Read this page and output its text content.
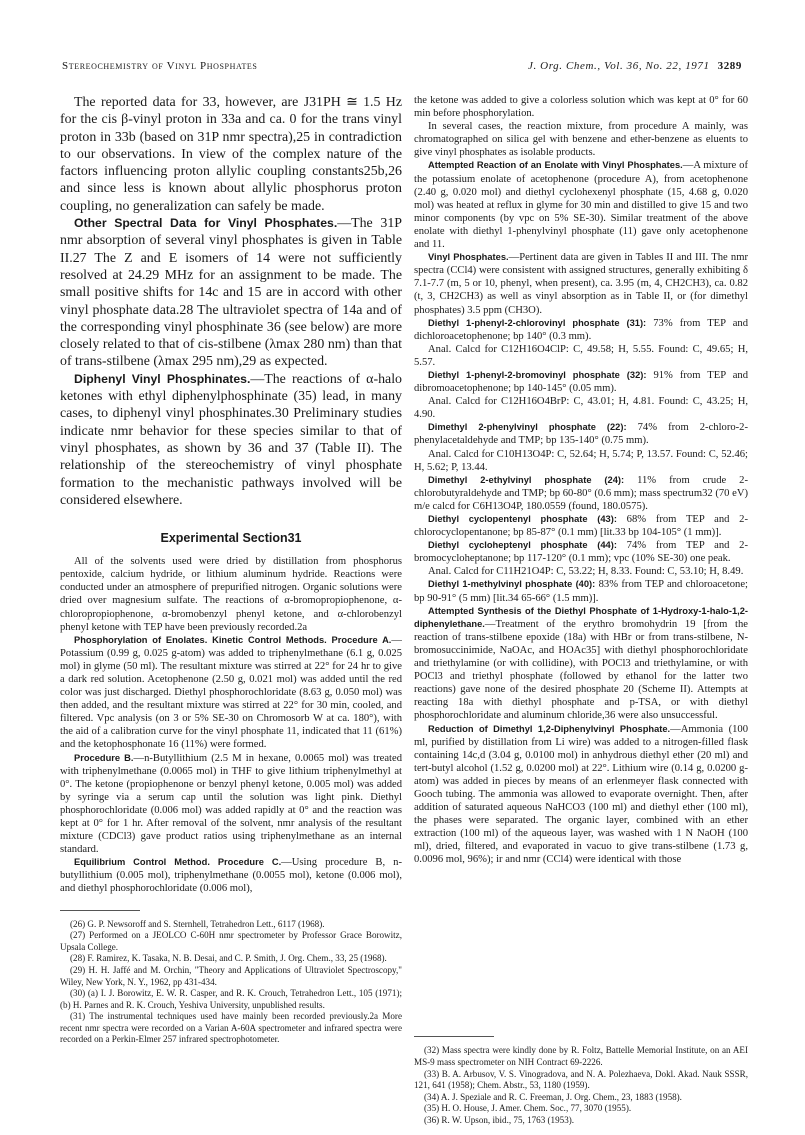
Stereochemistry of Vinyl Phosphates	J. Org. Chem., Vol. 36, No. 22, 1971 3289

The reported data for 33, however, are J31PH ≅ 1.5 Hz for the cis β-vinyl proton in 33a and ca. 0 for the trans vinyl proton in 33b (based on 31P nmr spectra),25 in contradiction to our observations. In view of the complex nature of the factors influencing proton allylic coupling constants25b,26 and since less is known about allylic phosphorus proton coupling, no generalization can safely be made.

Other Spectral Data for Vinyl Phosphates.—The 31P nmr absorption of several vinyl phosphates is given in Table II.27 The Z and E isomers of 14 were not sufficiently resolved at 24.29 MHz for an assignment to be made. The small positive shifts for 14c and 15 are in accord with other vinyl phosphate data.28 The ultraviolet spectra of 14a and of the corresponding vinyl phosphinate 36 (see below) are more closely related to that of cis-stilbene (λmax 280 nm) than that of trans-stilbene (λmax 295 nm),29 as expected.

Diphenyl Vinyl Phosphinates.—The reactions of α-halo ketones with ethyl diphenylphosphinate (35) lead, in many cases, to diphenyl vinyl phosphinates.30 Preliminary studies indicate nmr behavior for these species similar to that of vinyl phosphates, as shown by 36 and 37 (Table II). The relationship of the stereochemistry of vinyl phosphate formation to the mechanistic pathways involved will be considered elsewhere.

Experimental Section31

All of the solvents used were dried by distillation from phosphorus pentoxide, calcium hydride, or lithium aluminum hydride. Reactions were conducted under an atmosphere of prepurified nitrogen. Organic solutions were dried over magnesium sulfate. The reactions of α-bromopropiophenone, α-chloropropiophenone, α-bromobenzyl phenyl ketone, and α-chlorobenzyl phenyl ketone with TEP have been previously recorded.2a

Phosphorylation of Enolates. Kinetic Control Methods. Procedure A.—Potassium (0.99 g, 0.025 g-atom) was added to triphenylmethane (6.1 g, 0.025 mol) in glyme (50 ml). The resultant mixture was stirred at 22° for 24 hr to give a dark red solution. Acetophenone (2.50 g, 0.021 mol) was added until the red color was just discharged. Diethyl phosphorochloridate (8.63 g, 0.050 mol) was then added, and the resultant mixture was stirred at 22° for 30 min, cooled, and filtered. Vpc analysis (on 3 or 5% SE-30 on Chromosorb W at ca. 180°), with the aid of a calibration curve for the vinyl phosphate 11, indicated that 11 (61%) and the ketophosphonate 16 (11%) were formed.

Procedure B.—n-Butyllithium (2.5 M in hexane, 0.0065 mol) was treated with triphenylmethane (0.0065 mol) in THF to give lithium triphenylmethyl at 0°. The ketone (propiophenone or benzyl phenyl ketone, 0.005 mol) was added by syringe via a serum cap until the solution was light pink. Diethyl phosphorochloridate (0.006 mol) was added rapidly at 0° and the reaction was kept at 0° for 1 hr. After removal of the solvent, nmr analysis of the resultant mixture (CDCl3) gave product ratios using triphenylmethane as an internal standard.

Equilibrium Control Method. Procedure C.—Using procedure B, n-butyllithium (0.005 mol), triphenylmethane (0.0055 mol), ketone (0.006 mol), and diethyl phosphorochloridate (0.006 mol),

(26) G. P. Newsoroff and S. Sternhell, Tetrahedron Lett., 6117 (1968).

(27) Performed on a JEOLCO C-60H nmr spectrometer by Professor Grace Borowitz, Upsala College.

(28) F. Ramirez, K. Tasaka, N. B. Desai, and C. P. Smith, J. Org. Chem., 33, 25 (1968).

(29) H. H. Jaffé and M. Orchin, "Theory and Applications of Ultraviolet Spectroscopy," Wiley, New York, N. Y., 1962, pp 431-434.

(30) (a) I. J. Borowitz, E. W. R. Casper, and R. K. Crouch, Tetrahedron Lett., 105 (1971); (b) H. Parnes and R. K. Crouch, Yeshiva University, unpublished results.

(31) The instrumental techniques used have mainly been recorded previously.2a More recent nmr spectra were recorded on a Varian A-60A spectrometer and infrared spectra were recorded on a Perkin-Elmer 257 infrared spectrophotometer.

the ketone was added to give a colorless solution which was kept at 0° for 60 min before phosphorylation.

In several cases, the reaction mixture, from procedure A mainly, was chromatographed on silica gel with benzene and ether-benzene as eluents to give vinyl phosphates as isolable products.

Attempted Reaction of an Enolate with Vinyl Phosphates.—A mixture of the potassium enolate of acetophenone (procedure A), from acetophenone (2.40 g, 0.020 mol) and diethyl cyclohexenyl phosphate (15, 4.68 g, 0.020 mol) was heated at reflux in glyme for 30 min and distilled to give 15 and two minor components (by vpc on 5% SE-30). Similar treatment of the above enolate with diethyl 1-phenylvinyl phosphate (11) gave only acetophenone and 11.

Vinyl Phosphates.—Pertinent data are given in Tables II and III. The nmr spectra (CCl4) were consistent with assigned structures, generally exhibiting δ 7.1-7.7 (m, 5 or 10, phenyl, when present), ca. 3.95 (m, 4, CH2CH3), ca. 0.82 (t, 3, CH2CH3) as well as vinyl absorption as in Table II, or (for dimethyl phosphates) 3.5 ppm (CH3O).

Diethyl 1-phenyl-2-chlorovinyl phosphate (31): 73% from TEP and dichloroacetophenone; bp 140° (0.3 mm).

Anal. Calcd for C12H16O4ClP: C, 49.58; H, 5.55. Found: C, 49.65; H, 5.57.

Diethyl 1-phenyl-2-bromovinyl phosphate (32): 91% from TEP and dibromoacetophenone; bp 140-145° (0.05 mm).

Anal. Calcd for C12H16O4BrP: C, 43.01; H, 4.81. Found: C, 43.25; H, 4.90.

Dimethyl 2-phenylvinyl phosphate (22): 74% from 2-chloro-2-phenylacetaldehyde and TMP; bp 135-140° (0.75 mm).

Anal. Calcd for C10H13O4P: C, 52.64; H, 5.74; P, 13.57. Found: C, 52.46; H, 5.62; P, 13.44.

Dimethyl 2-ethylvinyl phosphate (24): 11% from crude 2-chlorobutyraldehyde and TMP; bp 60-80° (0.6 mm); mass spectrum32 (70 eV) m/e calcd for C6H13O4P, 180.0559 (found, 180.0575).

Diethyl cyclopentenyl phosphate (43): 68% from TEP and 2-chlorocyclopentanone; bp 85-87° (0.1 mm) [lit.33 bp 104-105° (1 mm)].

Diethyl cycloheptenyl phosphate (44): 74% from TEP and 2-bromocycloheptanone; bp 117-120° (0.1 mm); vpc (10% SE-30) one peak.

Anal. Calcd for C11H21O4P: C, 53.22; H, 8.33. Found: C, 53.10; H, 8.49.

Diethyl 1-methylvinyl phosphate (40): 83% from TEP and chloroacetone; bp 90-91° (5 mm) [lit.34 65-66° (1.5 mm)].

Attempted Synthesis of the Diethyl Phosphate of 1-Hydroxy-1-halo-1,2-diphenylethane.—Treatment of the erythro bromohydrin 19 [from the reaction of trans-stilbene epoxide (18a) with HBr or from trans-stilbene, N-bromosuccinimide, NaOAc, and HOAc35] with diethyl phosphorochloridate and triethylamine (or with collidine), with POCl3 and triethylamine, or with POCl3 and triethyl phosphate (followed by ethanol for the latter two reactions) gave none of the desired phosphate 20 (Scheme II). Attempts at reacting 18a with diethyl phosphate and p-TSA, or with diethyl phosphorochloridate and aluminum chloride,36 were also unsuccessful.

Reduction of Dimethyl 1,2-Diphenylvinyl Phosphate.—Ammonia (100 ml, purified by distillation from Li wire) was added to a nitrogen-filled flask containing 14c,d (3.04 g, 0.0100 mol) in anhydrous diethyl ether (20 ml) and tert-butyl alcohol (1.52 g, 0.0200 mol) at 22°. Lithium wire (0.14 g, 0.0200 g-atom) was added in pieces by means of an erlenmeyer flask connected with Gooch tubing. The ammonia was allowed to evaporate overnight. Then, after addition of saturated aqueous NaHCO3 (100 ml) and diethyl ether (100 ml), the phases were separated. The organic layer, combined with an ether extraction (100 ml) of the aqueous layer, was washed with 1 N NaOH (100 ml), dried, filtered, and evaporated in vacuo to give trans-stilbene (1.73 g, 0.0096 mol, 96%); ir and nmr (CCl4) were identical with those

(32) Mass spectra were kindly done by R. Foltz, Battelle Memorial Institute, on an AEI MS-9 mass spectrometer on NIH Contract 69-2226.

(33) B. A. Arbusov, V. S. Vinogradova, and N. A. Polezhaeva, Dokl. Akad. Nauk SSSR, 121, 641 (1958); Chem. Abstr., 53, 1180 (1959).

(34) A. J. Speziale and R. C. Freeman, J. Org. Chem., 23, 1883 (1958).

(35) H. O. House, J. Amer. Chem. Soc., 77, 3070 (1955).

(36) R. W. Upson, ibid., 75, 1763 (1953).
